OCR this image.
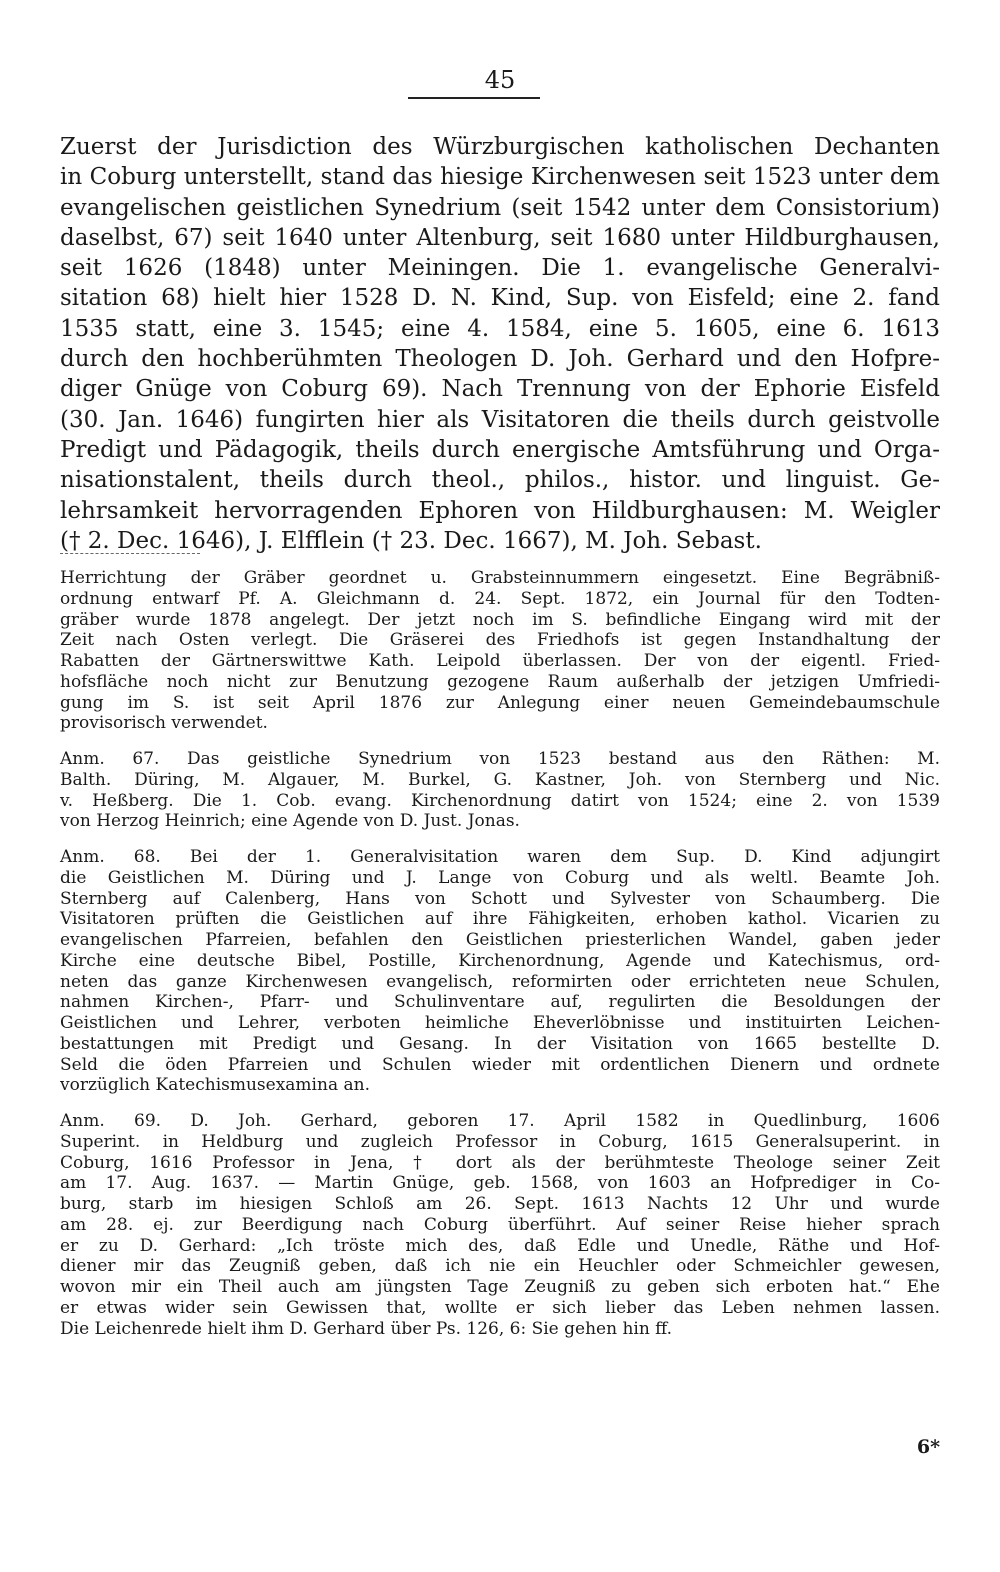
45
Zuerst der Jurisdiction des Würzburgischen katholischen Dechanten
in Coburg unterstellt, stand das hiesige Kirchenwesen seit 1523 unter dem
evangelischen geistlichen Synedrium (seit 1542 unter dem Consistorium)
daselbst, 67) seit 1640 unter Altenburg, seit 1680 unter Hildburghausen,
seit 1626 (1848) unter Meiningen. Die 1. evangelische Generalvi-
sitation 68) hielt hier 1528 D. N. Kind, Sup. von Eisfeld; eine 2. fand
1535 statt, eine 3. 1545; eine 4. 1584, eine 5. 1605, eine 6. 1613
durch den hochberühmten Theologen D. Joh. Gerhard und den Hofpre-
diger Gnüge von Coburg 69). Nach Trennung von der Ephorie Eisfeld
(30. Jan. 1646) fungirten hier als Visitatoren die theils durch geistvolle
Predigt und Pädagogik, theils durch energische Amtsführung und Orga-
nisationstalent, theils durch theol., philos., histor. und linguist. Ge-
lehrsamkeit hervorragenden Ephoren von Hildburghausen: M. Weigler
(† 2. Dec. 1646), J. Elfflein († 23. Dec. 1667), M. Joh. Sebast.
Herrichtung der Gräber geordnet u. Grabsteinnummern eingesetzt. Eine Begräbniß-
ordnung entwarf Pf. A. Gleichmann d. 24. Sept. 1872, ein Journal für den Todten-
gräber wurde 1878 angelegt. Der jetzt noch im S. befindliche Eingang wird mit der
Zeit nach Osten verlegt. Die Gräserei des Friedhofs ist gegen Instandhaltung der
Rabatten der Gärtnerswittwe Kath. Leipold überlassen. Der von der eigentl. Fried-
hofsfläche noch nicht zur Benutzung gezogene Raum außerhalb der jetzigen Umfriedi-
gung im S. ist seit April 1876 zur Anlegung einer neuen Gemeindebaumschule
provisorisch verwendet.
Anm. 67. Das geistliche Synedrium von 1523 bestand aus den Räthen: M.
Balth. Düring, M. Algauer, M. Burkel, G. Kastner, Joh. von Sternberg und Nic.
v. Heßberg. Die 1. Cob. evang. Kirchenordnung datirt von 1524; eine 2. von 1539
von Herzog Heinrich; eine Agende von D. Just. Jonas.
Anm. 68. Bei der 1. Generalvisitation waren dem Sup. D. Kind adjungirt
die Geistlichen M. Düring und J. Lange von Coburg und als weltl. Beamte Joh.
Sternberg auf Calenberg, Hans von Schott und Sylvester von Schaumberg. Die
Visitatoren prüften die Geistlichen auf ihre Fähigkeiten, erhoben kathol. Vicarien zu
evangelischen Pfarreien, befahlen den Geistlichen priesterlichen Wandel, gaben jeder
Kirche eine deutsche Bibel, Postille, Kirchenordnung, Agende und Katechismus, ord-
neten das ganze Kirchenwesen evangelisch, reformirten oder errichteten neue Schulen,
nahmen Kirchen-, Pfarr- und Schulinventare auf, regulirten die Besoldungen der
Geistlichen und Lehrer, verboten heimliche Eheverlöbnisse und instituirten Leichen-
bestattungen mit Predigt und Gesang. In der Visitation von 1665 bestellte D.
Seld die öden Pfarreien und Schulen wieder mit ordentlichen Dienern und ordnete
vorzüglich Katechismusexamina an.
Anm. 69. D. Joh. Gerhard, geboren 17. April 1582 in Quedlinburg, 1606
Superint. in Heldburg und zugleich Professor in Coburg, 1615 Generalsuperint. in
Coburg, 1616 Professor in Jena, † dort als der berühmteste Theologe seiner Zeit
am 17. Aug. 1637. — Martin Gnüge, geb. 1568, von 1603 an Hofprediger in Co-
burg, starb im hiesigen Schloß am 26. Sept. 1613 Nachts 12 Uhr und wurde
am 28. ej. zur Beerdigung nach Coburg überführt. Auf seiner Reise hieher sprach
er zu D. Gerhard: „Ich tröste mich des, daß Edle und Unedle, Räthe und Hof-
diener mir das Zeugniß geben, daß ich nie ein Heuchler oder Schmeichler gewesen,
wovon mir ein Theil auch am jüngsten Tage Zeugniß zu geben sich erboten hat.“ Ehe
er etwas wider sein Gewissen that, wollte er sich lieber das Leben nehmen lassen.
Die Leichenrede hielt ihm D. Gerhard über Ps. 126, 6: Sie gehen hin ff.
6*
